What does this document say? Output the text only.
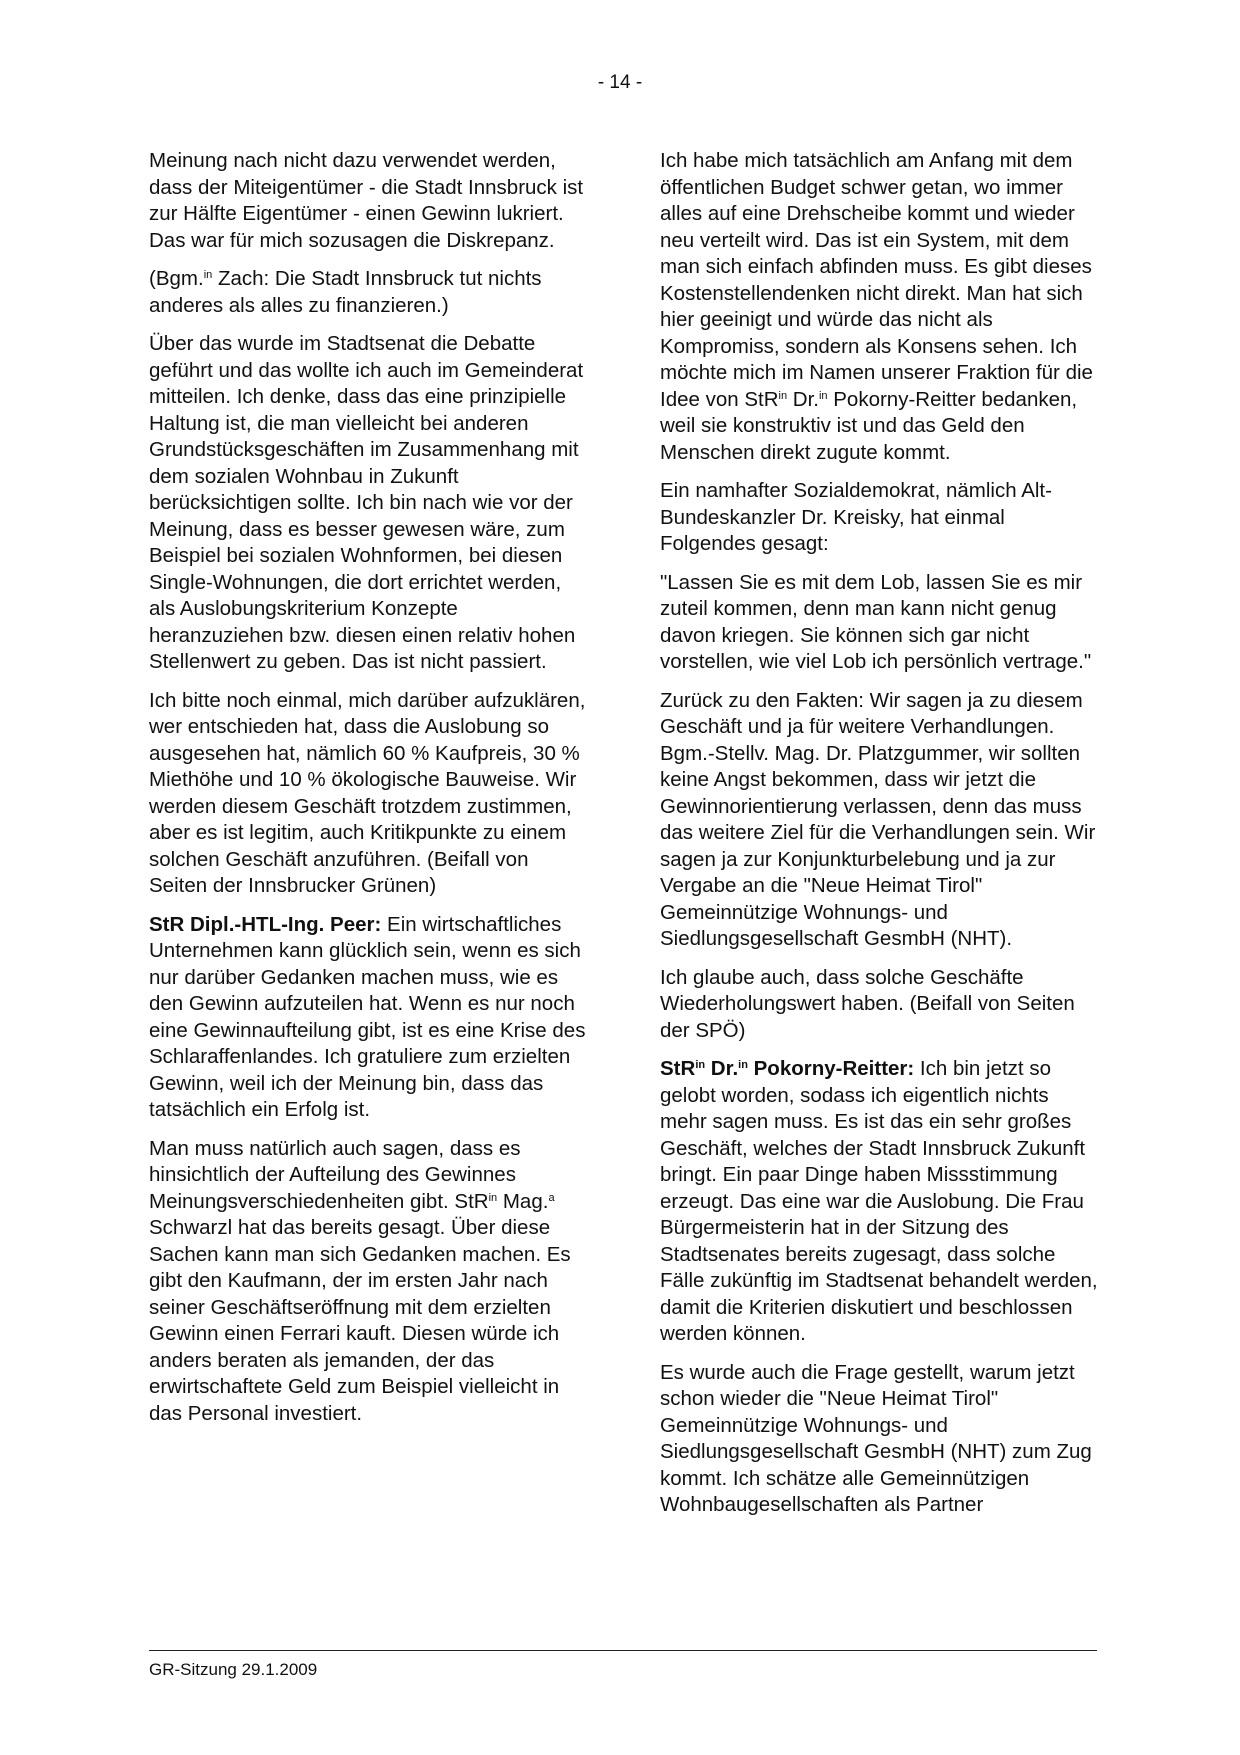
- 14 -

Meinung nach nicht dazu verwendet werden, dass der Miteigentümer - die Stadt Innsbruck ist zur Hälfte Eigentümer - einen Gewinn lukriert. Das war für mich sozusagen die Diskrepanz.

(Bgm.$^{in}$ Zach: Die Stadt Innsbruck tut nichts anderes als alles zu finanzieren.)

Über das wurde im Stadtsenat die Debatte geführt und das wollte ich auch im Gemeinderat mitteilen. Ich denke, dass das eine prinzipielle Haltung ist, die man vielleicht bei anderen Grundstücksgeschäften im Zusammenhang mit dem sozialen Wohnbau in Zukunft berücksichtigen sollte. Ich bin nach wie vor der Meinung, dass es besser gewesen wäre, zum Beispiel bei sozialen Wohnformen, bei diesen Single-Wohnungen, die dort errichtet werden, als Auslobungskriterium Konzepte heranzuziehen bzw. diesen einen relativ hohen Stellenwert zu geben. Das ist nicht passiert.

Ich bitte noch einmal, mich darüber aufzuklären, wer entschieden hat, dass die Auslobung so ausgesehen hat, nämlich 60 % Kaufpreis, 30 % Miethöhe und 10 % ökologische Bauweise. Wir werden diesem Geschäft trotzdem zustimmen, aber es ist legitim, auch Kritikpunkte zu einem solchen Geschäft anzuführen. (Beifall von Seiten der Innsbrucker Grünen)

StR Dipl.-HTL-Ing. Peer: Ein wirtschaftliches Unternehmen kann glücklich sein, wenn es sich nur darüber Gedanken machen muss, wie es den Gewinn aufzuteilen hat. Wenn es nur noch eine Gewinnaufteilung gibt, ist es eine Krise des Schlaraffenlandes. Ich gratuliere zum erzielten Gewinn, weil ich der Meinung bin, dass das tatsächlich ein Erfolg ist.

Man muss natürlich auch sagen, dass es hinsichtlich der Aufteilung des Gewinnes Meinungsverschiedenheiten gibt. StR$^{in}$ Mag.$^a$ Schwarzl hat das bereits gesagt. Über diese Sachen kann man sich Gedanken machen. Es gibt den Kaufmann, der im ersten Jahr nach seiner Geschäftseröffnung mit dem erzielten Gewinn einen Ferrari kauft. Diesen würde ich anders beraten als jemanden, der das erwirtschaftete Geld zum Beispiel vielleicht in das Personal investiert.

Ich habe mich tatsächlich am Anfang mit dem öffentlichen Budget schwer getan, wo immer alles auf eine Drehscheibe kommt und wieder neu verteilt wird. Das ist ein System, mit dem man sich einfach abfinden muss. Es gibt dieses Kostenstellendenken nicht direkt. Man hat sich hier geeinigt und würde das nicht als Kompromiss, sondern als Konsens sehen. Ich möchte mich im Namen unserer Fraktion für die Idee von StR$^{in}$ Dr.$^{in}$ Pokorny-Reitter bedanken, weil sie konstruktiv ist und das Geld den Menschen direkt zugute kommt.

Ein namhafter Sozialdemokrat, nämlich Alt-Bundeskanzler Dr. Kreisky, hat einmal Folgendes gesagt:

"Lassen Sie es mit dem Lob, lassen Sie es mir zuteil kommen, denn man kann nicht genug davon kriegen. Sie können sich gar nicht vorstellen, wie viel Lob ich persönlich vertrage."

Zurück zu den Fakten: Wir sagen ja zu diesem Geschäft und ja für weitere Verhandlungen. Bgm.-Stellv. Mag. Dr. Platzgummer, wir sollten keine Angst bekommen, dass wir jetzt die Gewinnorientierung verlassen, denn das muss das weitere Ziel für die Verhandlungen sein. Wir sagen ja zur Konjunkturbelebung und ja zur Vergabe an die "Neue Heimat Tirol" Gemeinnützige Wohnungs- und Siedlungsgesellschaft GesmbH (NHT).

Ich glaube auch, dass solche Geschäfte Wiederholungswert haben. (Beifall von Seiten der SPÖ)

StR$^{in}$ Dr.$^{in}$ Pokorny-Reitter: Ich bin jetzt so gelobt worden, sodass ich eigentlich nichts mehr sagen muss. Es ist das ein sehr großes Geschäft, welches der Stadt Innsbruck Zukunft bringt. Ein paar Dinge haben Missstimmung erzeugt. Das eine war die Auslobung. Die Frau Bürgermeisterin hat in der Sitzung des Stadtsenates bereits zugesagt, dass solche Fälle zukünftig im Stadtsenat behandelt werden, damit die Kriterien diskutiert und beschlossen werden können.

Es wurde auch die Frage gestellt, warum jetzt schon wieder die "Neue Heimat Tirol" Gemeinnützige Wohnungs- und Siedlungsgesellschaft GesmbH (NHT) zum Zug kommt. Ich schätze alle Gemeinnützigen Wohnbaugesellschaften als Partner

GR-Sitzung 29.1.2009
